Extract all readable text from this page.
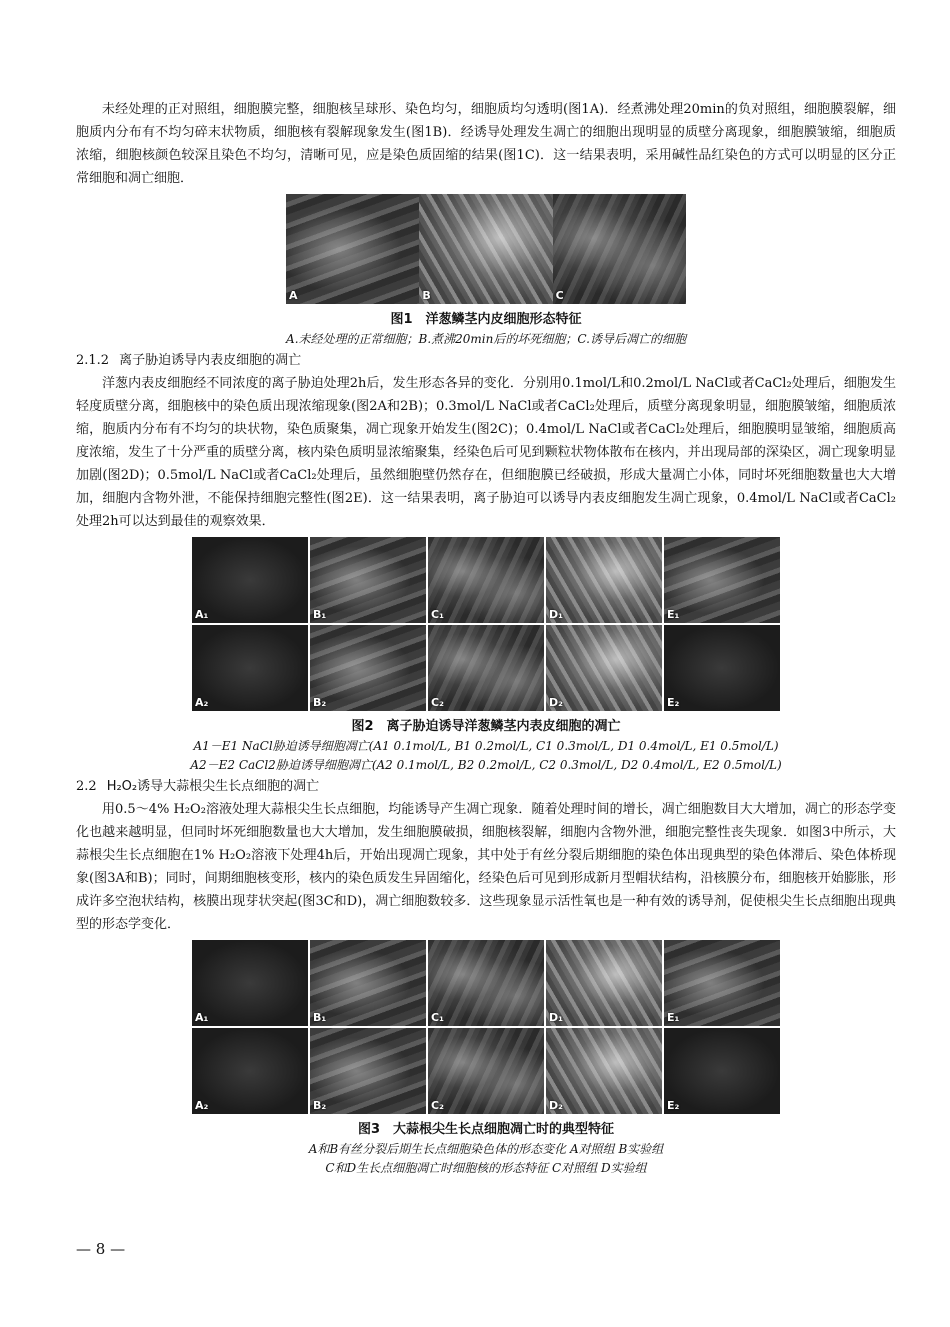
未经处理的正对照组，细胞膜完整，细胞核呈球形、染色均匀，细胞质均匀透明(图1A)．经煮沸处理20min的负对照组，细胞膜裂解，细胞质内分布有不均匀碎末状物质，细胞核有裂解现象发生(图1B)．经诱导处理发生凋亡的细胞出现明显的质壁分离现象，细胞膜皱缩，细胞质浓缩，细胞核颜色较深且染色不均匀，清晰可见，应是染色质固缩的结果(图1C)．这一结果表明，采用碱性品红染色的方式可以明显的区分正常细胞和凋亡细胞．

A	B	C
图1　洋葱鳞茎内皮细胞形态特征
A.未经处理的正常细胞；B.煮沸20min后的坏死细胞；C.诱导后凋亡的细胞
2.1.2 离子胁迫诱导内表皮细胞的凋亡

洋葱内表皮细胞经不同浓度的离子胁迫处理2h后，发生形态各异的变化．分别用0.1mol/L和0.2mol/L NaCl或者CaCl₂处理后，细胞发生轻度质壁分离，细胞核中的染色质出现浓缩现象(图2A和2B)；0.3mol/L NaCl或者CaCl₂处理后，质壁分离现象明显，细胞膜皱缩，细胞质浓缩，胞质内分布有不均匀的块状物，染色质聚集，凋亡现象开始发生(图2C)；0.4mol/L NaCl或者CaCl₂处理后，细胞膜明显皱缩，细胞质高度浓缩，发生了十分严重的质壁分离，核内染色质明显浓缩聚集，经染色后可见到颗粒状物体散布在核内，并出现局部的深染区，凋亡现象明显加剧(图2D)；0.5mol/L NaCl或者CaCl₂处理后，虽然细胞壁仍然存在，但细胞膜已经破损，形成大量凋亡小体，同时坏死细胞数量也大大增加，细胞内含物外泄，不能保持细胞完整性(图2E)．这一结果表明，离子胁迫可以诱导内表皮细胞发生凋亡现象，0.4mol/L NaCl或者CaCl₂处理2h可以达到最佳的观察效果．

A₁	B₁	C₁	D₁	E₁
A₂	B₂	C₂	D₂	E₂
图2　离子胁迫诱导洋葱鳞茎内表皮细胞的凋亡
A1－E1 NaCl胁迫诱导细胞凋亡(A1 0.1mol/L, B1 0.2mol/L, C1 0.3mol/L, D1 0.4mol/L, E1 0.5mol/L)
A2－E2 CaCl2胁迫诱导细胞凋亡(A2 0.1mol/L, B2 0.2mol/L, C2 0.3mol/L, D2 0.4mol/L, E2 0.5mol/L)
2.2 H₂O₂诱导大蒜根尖生长点细胞的凋亡

用0.5～4% H₂O₂溶液处理大蒜根尖生长点细胞，均能诱导产生凋亡现象．随着处理时间的增长，凋亡细胞数目大大增加，凋亡的形态学变化也越来越明显，但同时坏死细胞数量也大大增加，发生细胞膜破损，细胞核裂解，细胞内含物外泄，细胞完整性丧失现象．如图3中所示，大蒜根尖生长点细胞在1% H₂O₂溶液下处理4h后，开始出现凋亡现象，其中处于有丝分裂后期细胞的染色体出现典型的染色体滞后、染色体桥现象(图3A和B)；同时，间期细胞核变形，核内的染色质发生异固缩化，经染色后可见到形成新月型帽状结构，沿核膜分布，细胞核开始膨胀，形成许多空泡状结构，核膜出现芽状突起(图3C和D)，凋亡细胞数较多．这些现象显示活性氧也是一种有效的诱导剂，促使根尖生长点细胞出现典型的形态学变化．

A₁	B₁	C₁	D₁	E₁
A₂	B₂	C₂	D₂	E₂
图3　大蒜根尖生长点细胞凋亡时的典型特征
A和B有丝分裂后期生长点细胞染色体的形态变化 A对照组 B实验组
C和D生长点细胞凋亡时细胞核的形态特征 C对照组 D实验组
— 8 —
